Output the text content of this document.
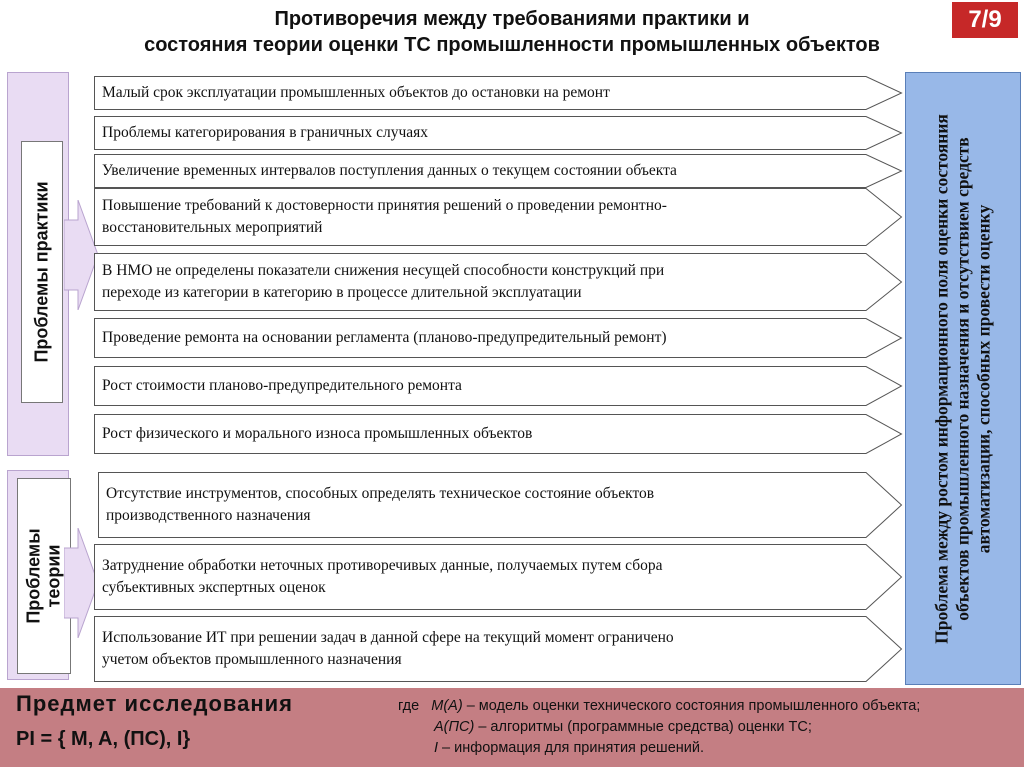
Противоречия между требованиями практики и
состояния теории оценки ТС промышленности промышленных объектов
7/9
Проблемы практики
Проблемы теории
Малый срок эксплуатации промышленных объектов до остановки на ремонт
Проблемы категорирования в граничных случаях
Увеличение временных интервалов поступления данных о текущем состоянии объекта
Повышение требований к достоверности принятия решений о проведении ремонтно-
восстановительных мероприятий
В НМО не определены показатели снижения несущей способности конструкций при
переходе из категории в категорию в процессе длительной эксплуатации
Проведение ремонта на основании регламента (планово-предупредительный ремонт)
Рост стоимости планово-предупредительного ремонта
Рост физического и морального износа промышленных объектов
Отсутствие инструментов, способных определять техническое состояние объектов
производственного назначения
Затруднение обработки неточных противоречивых данные, получаемых путем сбора
субъективных экспертных оценок
Использование ИТ при решении задач в данной сфере на текущий момент ограничено
учетом объектов промышленного назначения
Проблема между ростом информационного поля оценки состояния объектов промышленного назначения и отсутствием средств автоматизации, способных провести оценку
Предмет исследования
PI = { M, A, (ПС), I}
где M(A) – модель оценки технического состояния промышленного объекта;
A(ПС) – алгоритмы (программные средства) оценки ТС;
I – информация для принятия решений.
